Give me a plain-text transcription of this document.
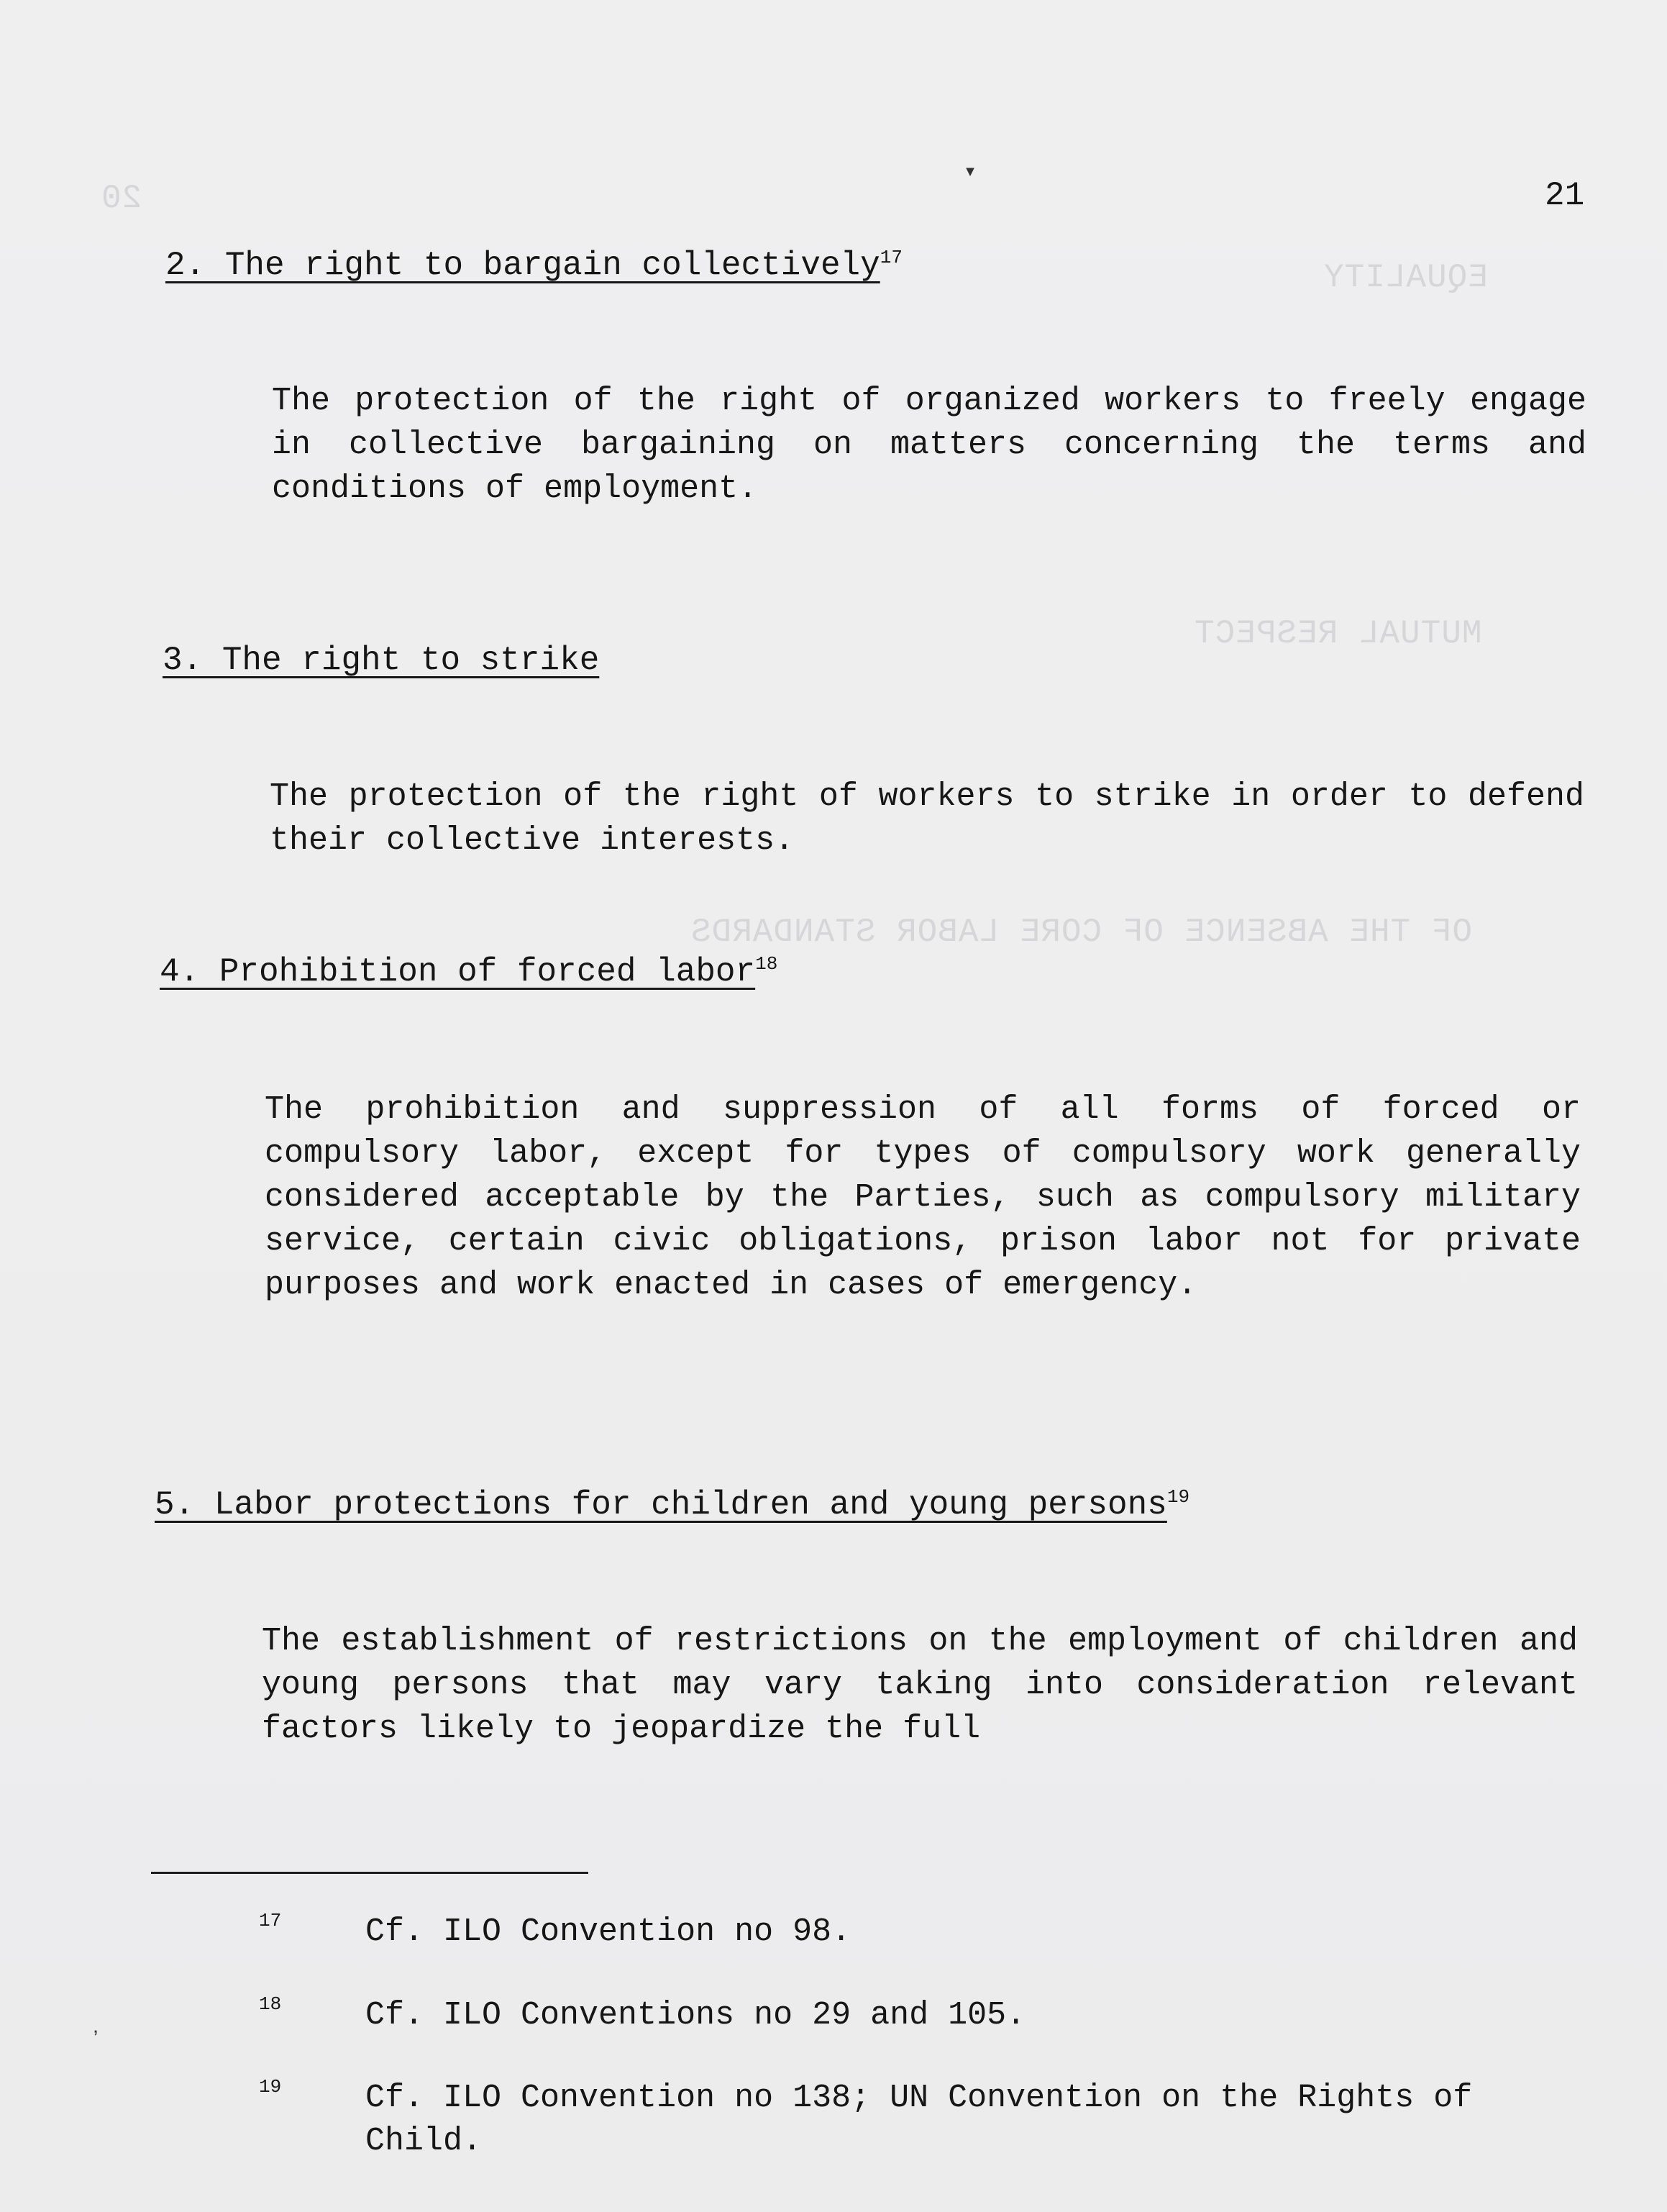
20
EQUALITY
MUTUAL RESPECT
OF THE ABSENCE OF CORE LABOR STANDARDS
21
2. The right to bargain collectively$^{17}$

The protection of the right of organized workers to freely engage in collective bargaining on matters concerning the terms and conditions of employment.

3. The right to strike

The protection of the right of workers to strike in order to defend their collective interests.

4. Prohibition of forced labor$^{18}$

The prohibition and suppression of all forms of forced or compulsory labor, except for types of compulsory work generally considered acceptable by the Parties, such as compulsory military service, certain civic obligations, prison labor not for private purposes and work enacted in cases of emergency.

5. Labor protections for children and young persons$^{19}$

The establishment of restrictions on the employment of children and young persons that may vary taking into consideration relevant factors likely to jeopardize the full

17	Cf. ILO Convention no 98.
18	Cf. ILO Conventions no 29 and 105.
19	Cf. ILO Convention no 138; UN Convention on the Rights of Child.
▾
ʼ
